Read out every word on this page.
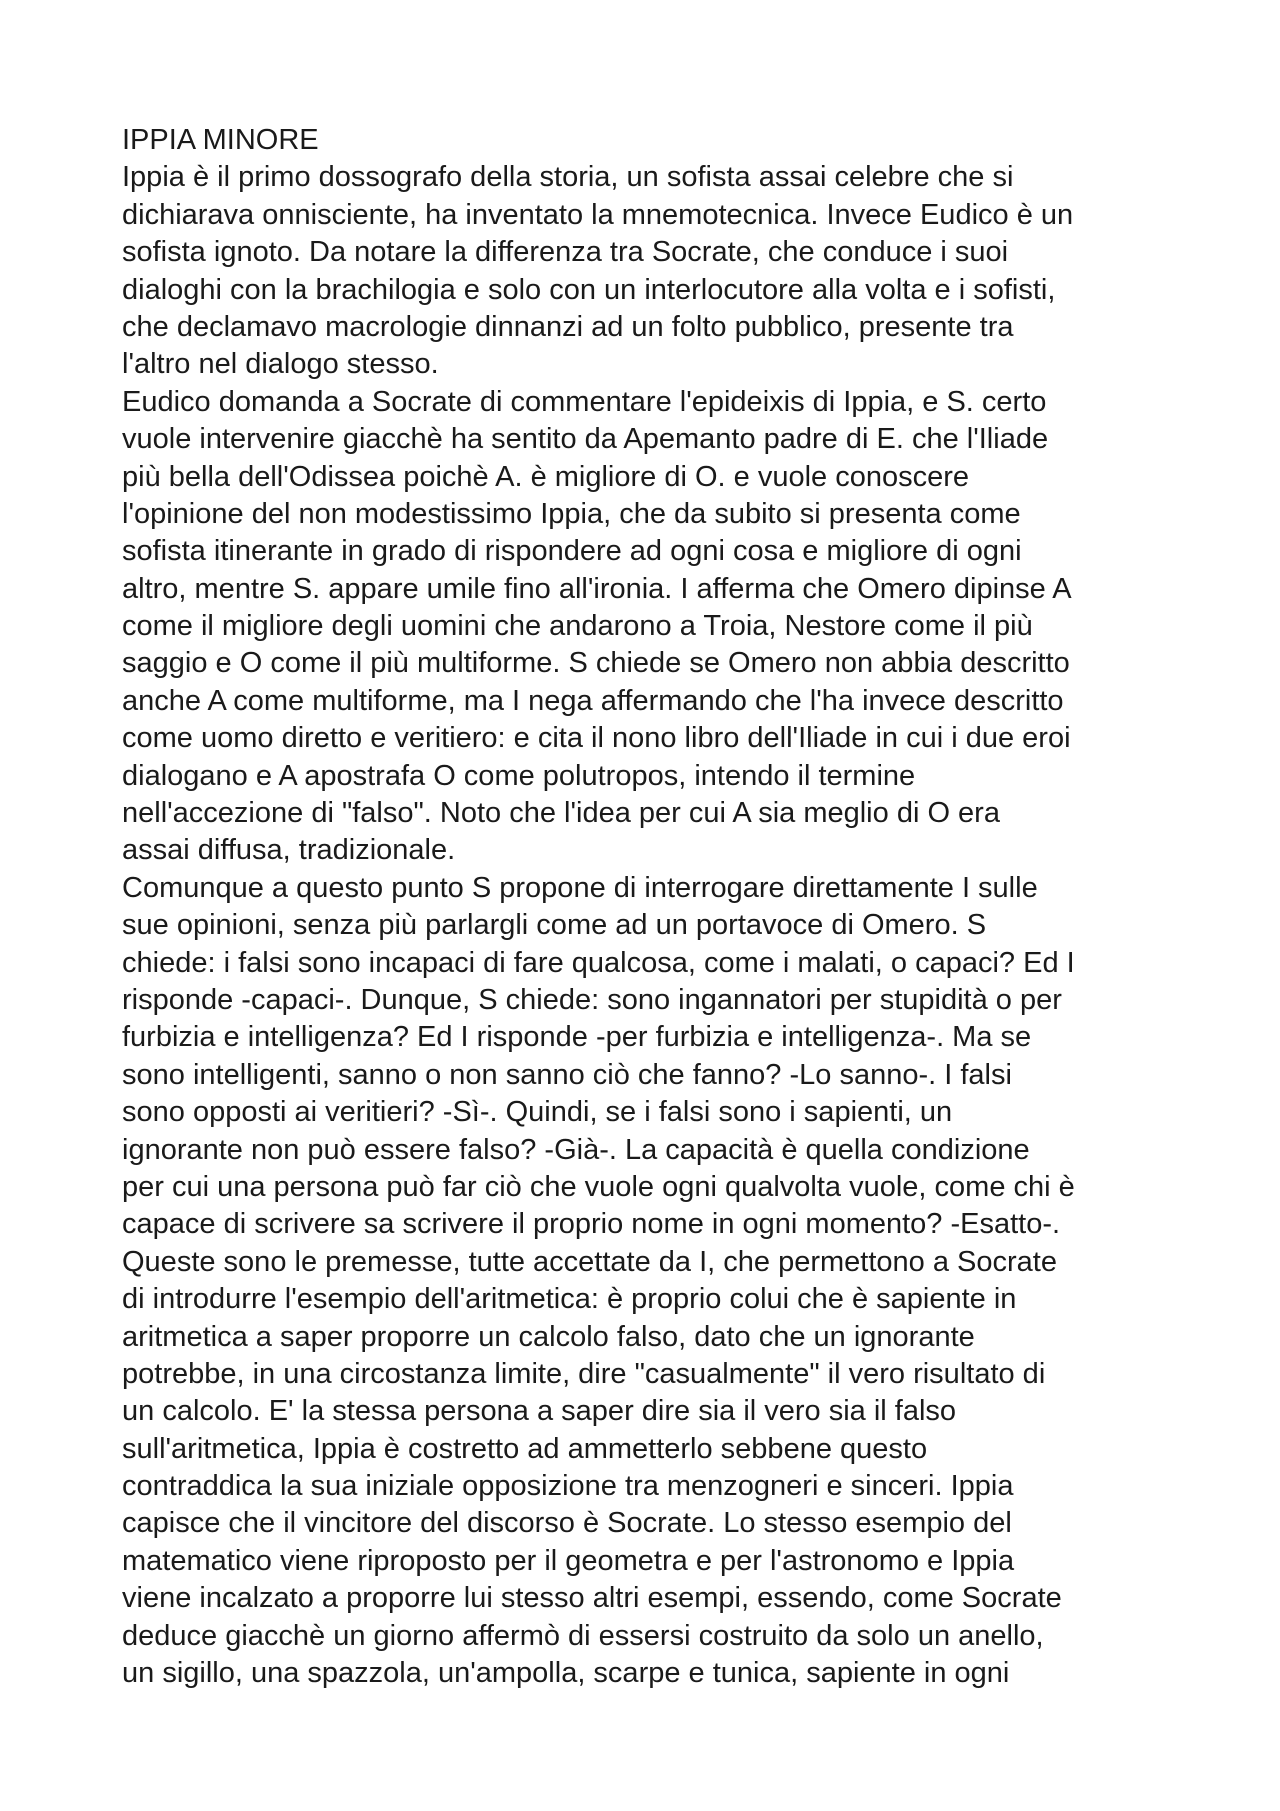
IPPIA MINORE
Ippia è il primo dossografo della storia, un sofista assai celebre che si
dichiarava onnisciente, ha inventato la mnemotecnica. Invece Eudico è un
sofista ignoto. Da notare la differenza tra Socrate, che conduce i suoi
dialoghi con la brachilogia e solo con un interlocutore alla volta e i sofisti,
che declamavo macrologie dinnanzi ad un folto pubblico, presente tra
l'altro nel dialogo stesso.
Eudico domanda a Socrate di commentare l'epideixis di Ippia, e S. certo
vuole intervenire giacchè ha sentito da Apemanto padre di E. che l'Iliade
più bella dell'Odissea poichè A. è migliore di O. e vuole conoscere
l'opinione del non modestissimo Ippia, che da subito si presenta come
sofista itinerante in grado di rispondere ad ogni cosa e migliore di ogni
altro, mentre S. appare umile fino all'ironia. I afferma che Omero dipinse A
come il migliore degli uomini che andarono a Troia, Nestore come il più
saggio e O come il più multiforme. S chiede se Omero non abbia descritto
anche A come multiforme, ma I nega affermando che l'ha invece descritto
come uomo diretto e veritiero: e cita il nono libro dell'Iliade in cui i due eroi
dialogano e A apostrafa O come polutropos, intendo il termine
nell'accezione di "falso". Noto che l'idea per cui A sia meglio di O era
assai diffusa, tradizionale.
Comunque a questo punto S propone di interrogare direttamente I sulle
sue opinioni, senza più parlargli come ad un portavoce di Omero. S
chiede: i falsi sono incapaci di fare qualcosa, come i malati, o capaci? Ed I
risponde -capaci-. Dunque, S chiede: sono ingannatori per stupidità o per
furbizia e intelligenza? Ed I risponde -per furbizia e intelligenza-. Ma se
sono intelligenti, sanno o non sanno ciò che fanno? -Lo sanno-. I falsi
sono opposti ai veritieri? -Sì-. Quindi, se i falsi sono i sapienti, un
ignorante non può essere falso? -Già-. La capacità è quella condizione
per cui una persona può far ciò che vuole ogni qualvolta vuole, come chi è
capace di scrivere sa scrivere il proprio nome in ogni momento? -Esatto-.
Queste sono le premesse, tutte accettate da I, che permettono a Socrate
di introdurre l'esempio dell'aritmetica: è proprio colui che è sapiente in
aritmetica a saper proporre un calcolo falso, dato che un ignorante
potrebbe, in una circostanza limite, dire "casualmente" il vero risultato di
un calcolo. E' la stessa persona a saper dire sia il vero sia il falso
sull'aritmetica, Ippia è costretto ad ammetterlo sebbene questo
contraddica la sua iniziale opposizione tra menzogneri e sinceri. Ippia
capisce che il vincitore del discorso è Socrate. Lo stesso esempio del
matematico viene riproposto per il geometra e per l'astronomo e Ippia
viene incalzato a proporre lui stesso altri esempi, essendo, come Socrate
deduce giacchè un giorno affermò di essersi costruito da solo un anello,
un sigillo, una spazzola, un'ampolla, scarpe e tunica, sapiente in ogni
